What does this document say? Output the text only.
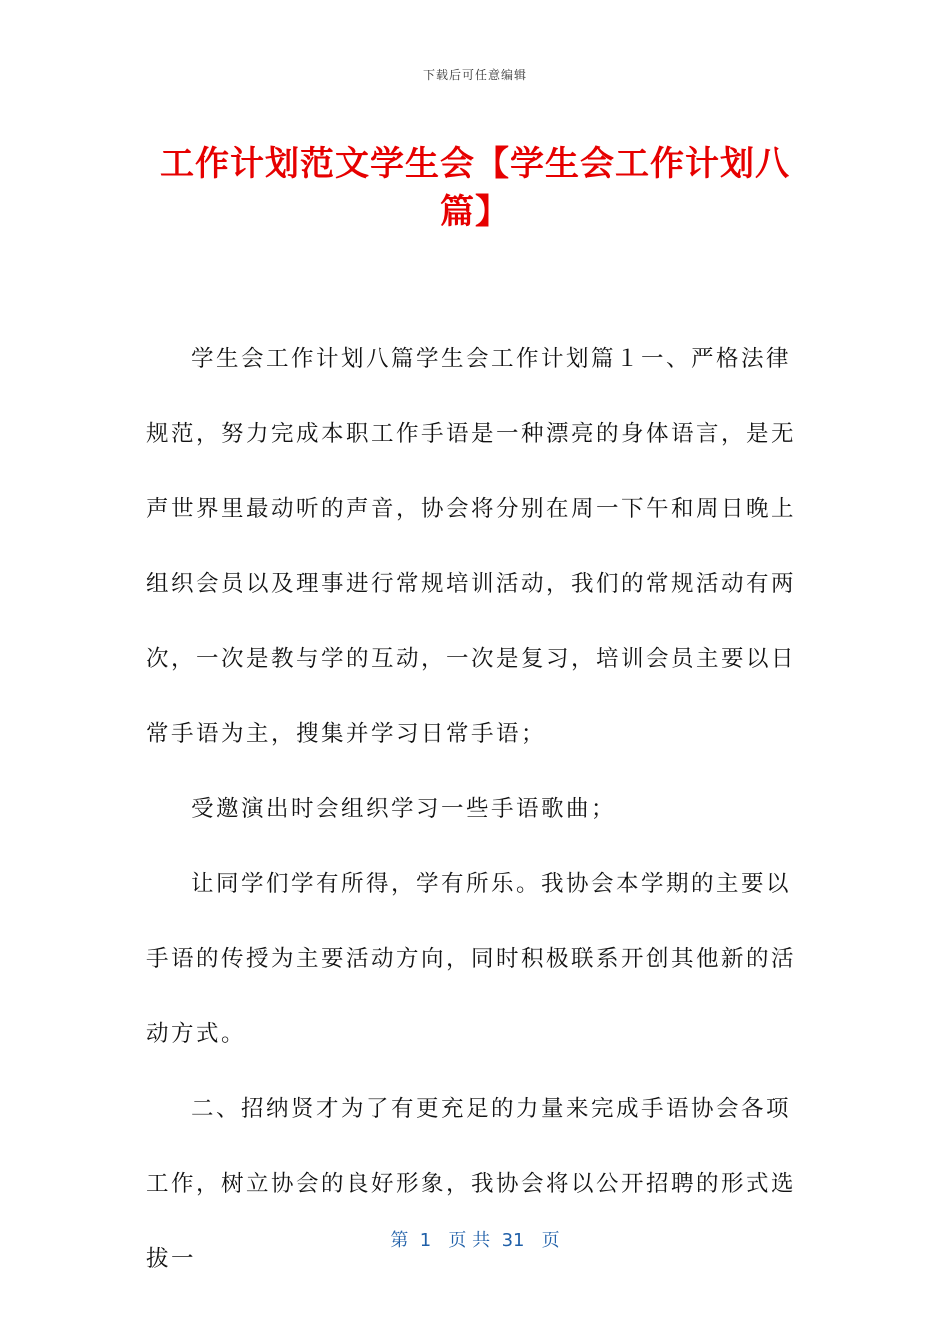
下载后可任意编辑
工作计划范文学生会【学生会工作计划八篇】

学生会工作计划八篇学生会工作计划篇１一、严格法律规范，努力完成本职工作手语是一种漂亮的身体语言，是无声世界里最动听的声音，协会将分别在周一下午和周日晚上组织会员以及理事进行常规培训活动，我们的常规活动有两次，一次是教与学的互动，一次是复习，培训会员主要以日常手语为主，搜集并学习日常手语；

受邀演出时会组织学习一些手语歌曲；

让同学们学有所得，学有所乐。我协会本学期的主要以手语的传授为主要活动方向，同时积极联系开创其他新的活动方式。

二、招纳贤才为了有更充足的力量来完成手语协会各项工作，树立协会的良好形象，我协会将以公开招聘的形式选拔一

第  1   页 共  31   页
